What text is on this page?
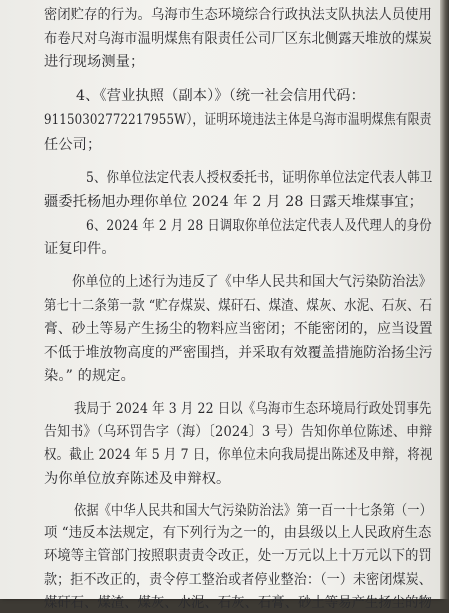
密闭贮存的行为。乌海市生态环境综合行政执法支队执法人员使用
布卷尺对乌海市温明煤焦有限责任公司厂区东北侧露天堆放的煤炭
进行现场测量；
4、《营业执照（副本）》（统一社会信用代码：
91150302772217955W），证明环境违法主体是乌海市温明煤焦有限责
任公司；
5、你单位法定代表人授权委托书，证明你单位法定代表人韩卫
疆委托杨旭办理你单位 2024 年 2 月 28 日露天堆煤事宜；
6、2024 年 2 月 28 日调取你单位法定代表人及代理人的身份
证复印件。
你单位的上述行为违反了《中华人民共和国大气污染防治法》
第七十二条第一款 “贮存煤炭、煤矸石、煤渣、煤灰、水泥、石灰、石
膏、砂土等易产生扬尘的物料应当密闭；不能密闭的，应当设置
不低于堆放物高度的严密围挡，并采取有效覆盖措施防治扬尘污
染。” 的规定。
我局于 2024 年 3 月 22 日以《乌海市生态环境局行政处罚事先
告知书》（乌环罚告字（海）〔2024〕3 号）告知你单位陈述、申辩
权。截止 2024 年 5 月 7 日，你单位未向我局提出陈述及申辩，将视
为你单位放弃陈述及申辩权。
依据《中华人民共和国大气污染防治法》第一百一十七条第（一）
项 “违反本法规定，有下列行为之一的，由县级以上人民政府生态
环境等主管部门按照职责责令改正，处一万元以上十万元以下的罚
款；拒不改正的，责令停工整治或者停业整治：（一）未密闭煤炭、
煤矸石、煤渣、煤灰、水泥、石灰、石膏、砂土等易产生扬尘的物
